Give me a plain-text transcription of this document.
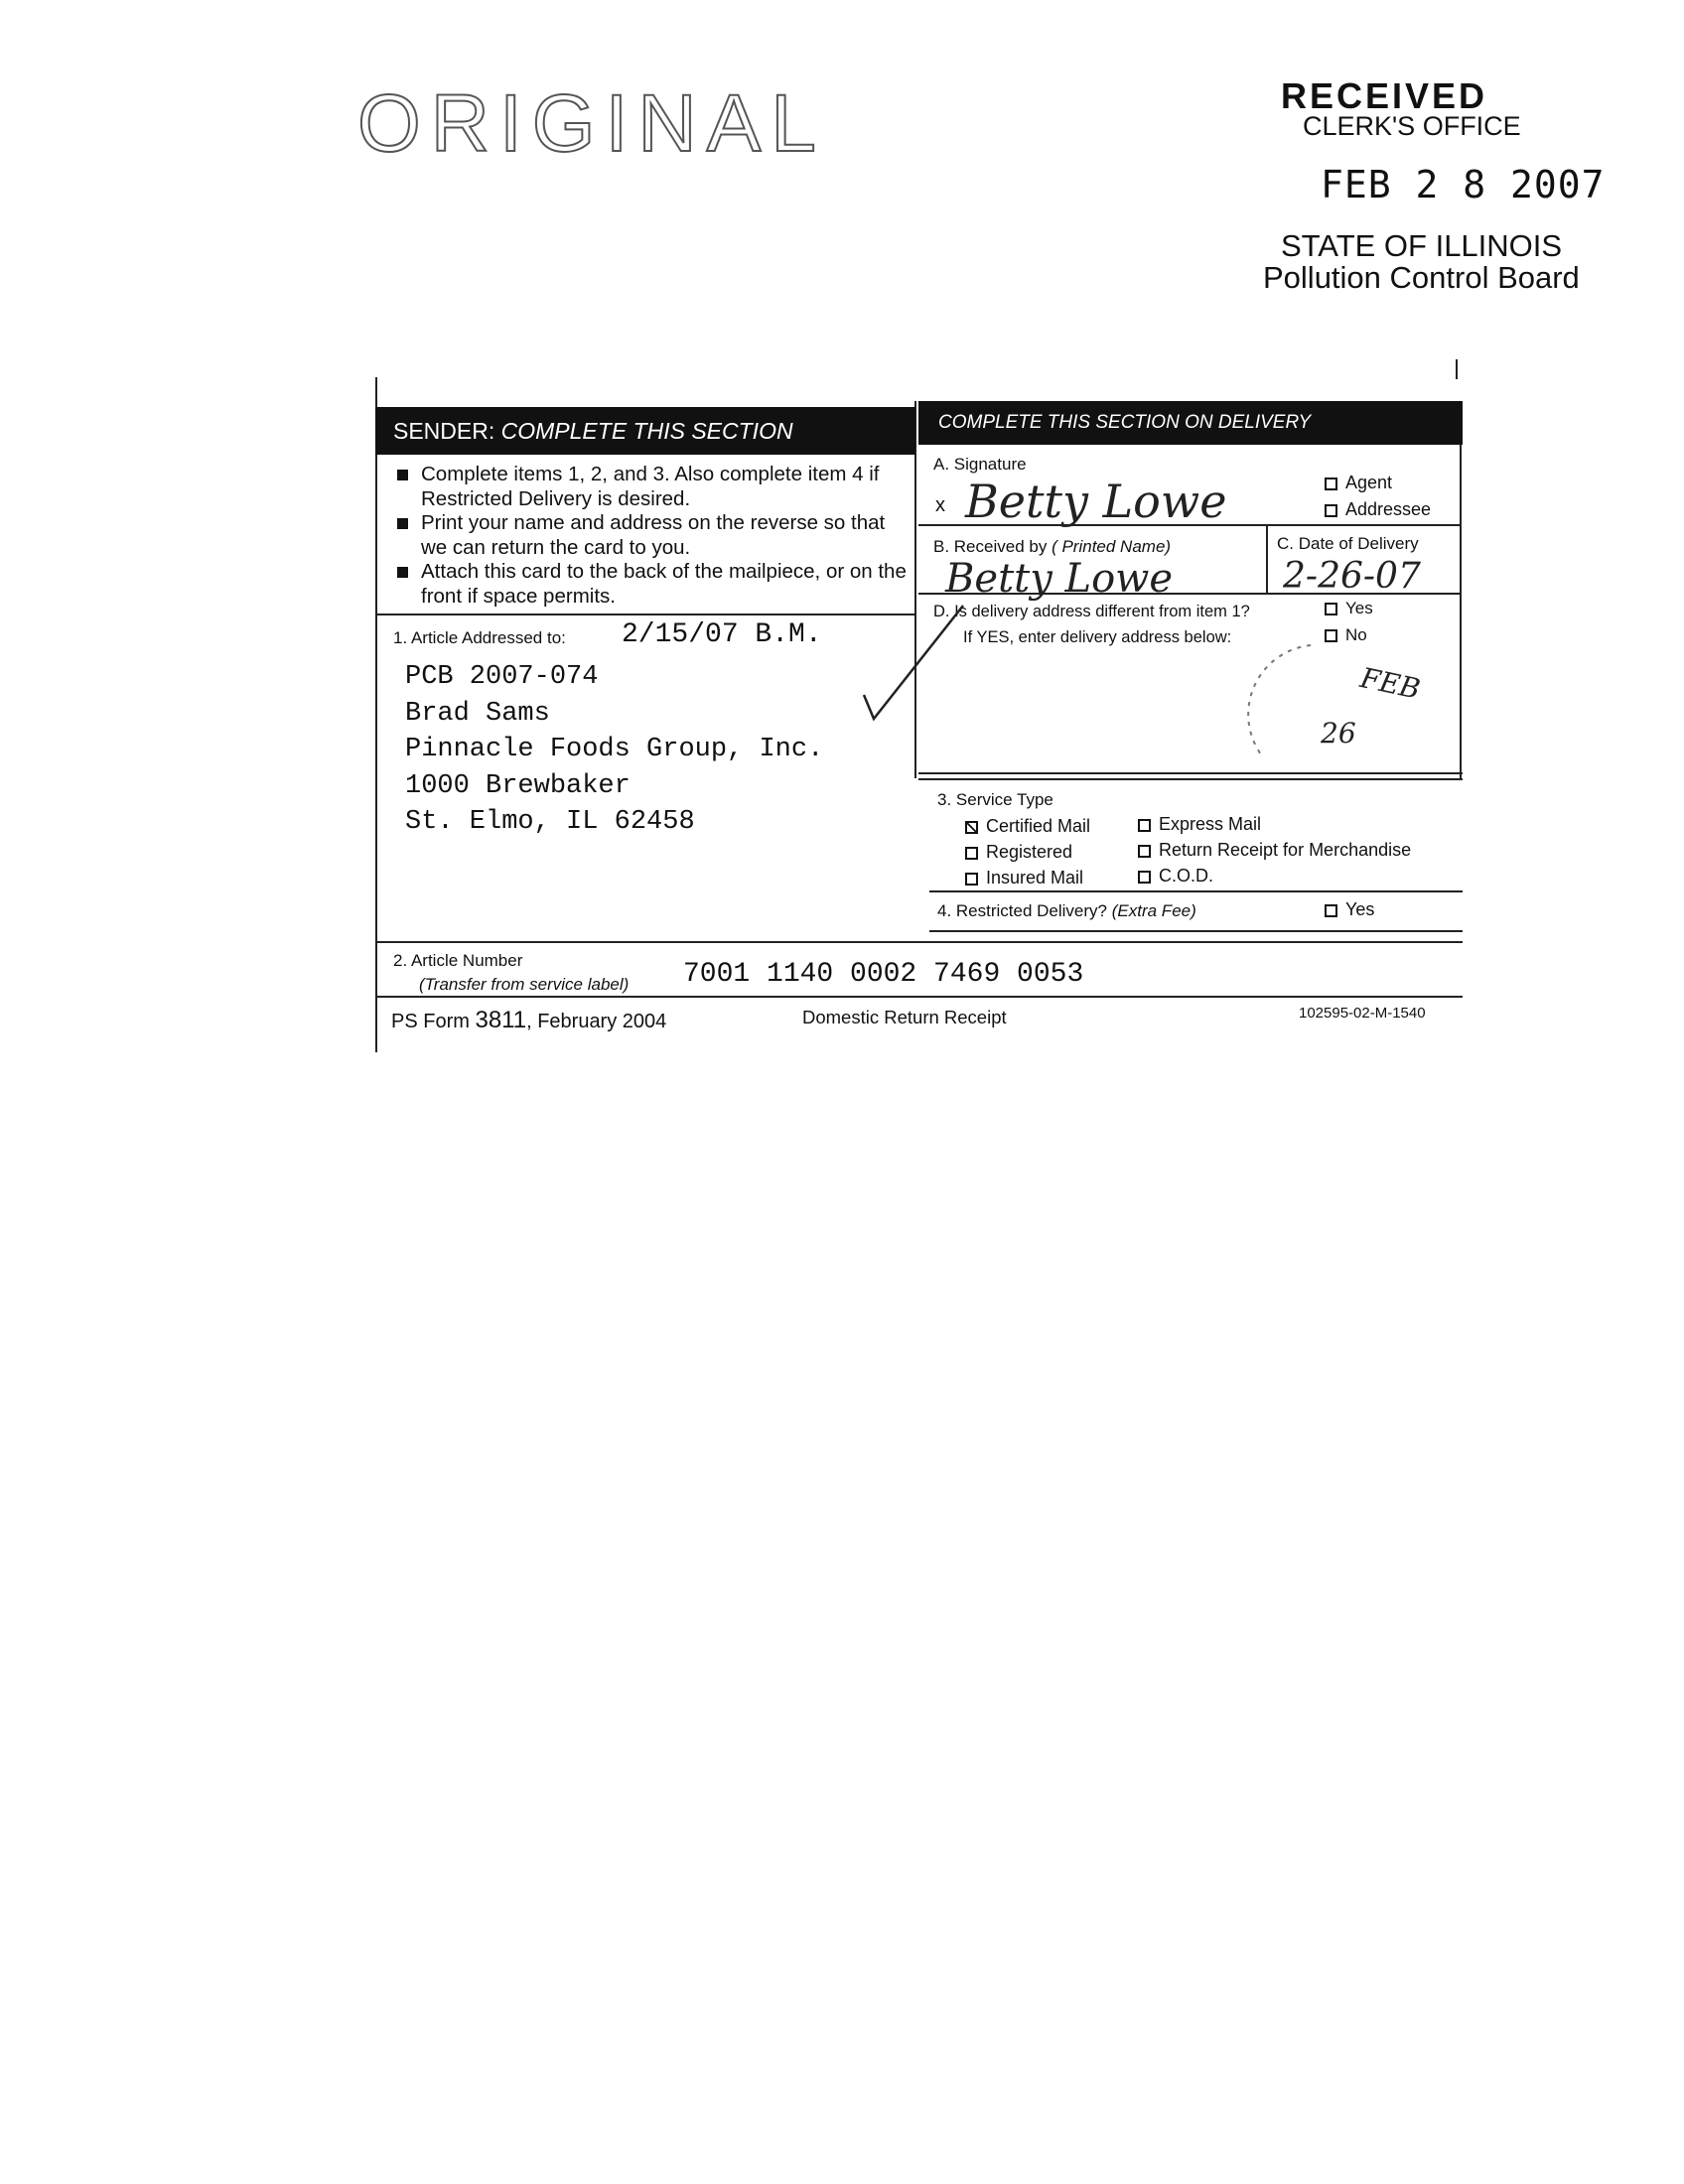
ORIGINAL	RECEIVED
CLERK'S OFFICE
FEB 2 8 2007
STATE OF ILLINOIS
Pollution Control Board
SENDER: COMPLETE THIS SECTION
Complete items 1, 2, and 3. Also complete item 4 if Restricted Delivery is desired.
Print your name and address on the reverse so that we can return the card to you.
Attach this card to the back of the mailpiece, or on the front if space permits.
1. Article Addressed to: 2/15/07 B.M.
PCB 2007-074
Brad Sams
Pinnacle Foods Group, Inc.
1000 Brewbaker
St. Elmo, IL 62458
COMPLETE THIS SECTION ON DELIVERY
A. Signature
x Betty Lowe	Agent
Addressee
B. Received by ( Printed Name)
Betty Lowe
C. Date of Delivery
2-26-07
D. Is delivery address different from item 1?	Yes
If YES, enter delivery address below:	No
FEB
26
3. Service Type
Certified Mail	Express Mail
Registered	Return Receipt for Merchandise
Insured Mail	C.O.D.
4. Restricted Delivery? (Extra Fee)	Yes
2. Article Number
(Transfer from service label) 7001 1140 0002 7469 0053
PS Form 3811, February 2004	Domestic Return Receipt	102595-02-M-1540
